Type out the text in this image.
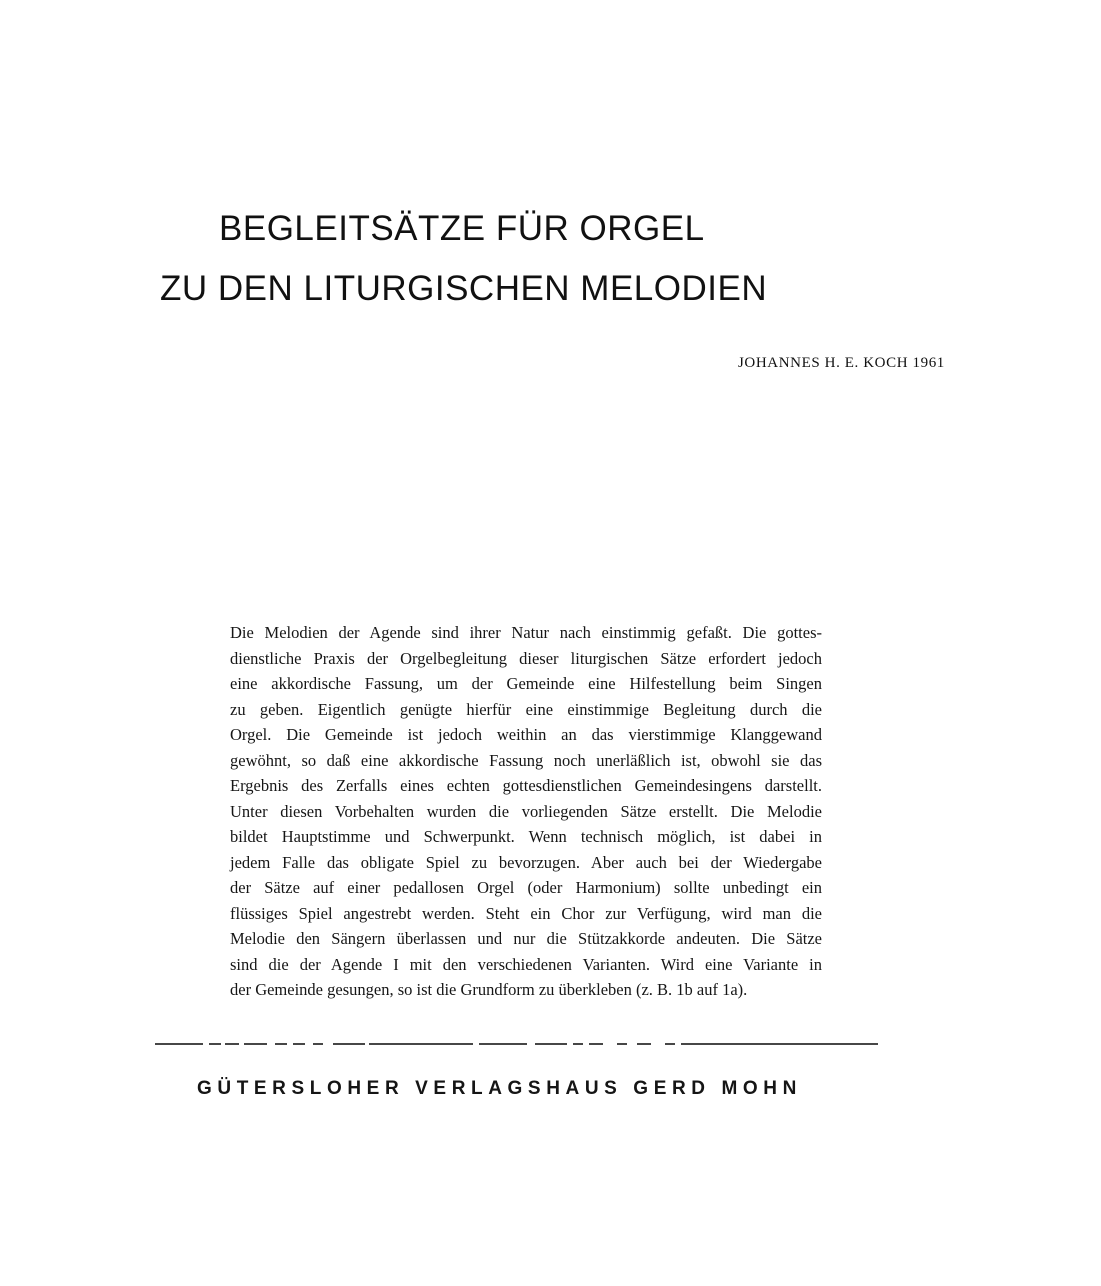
BEGLEITSÄTZE FÜR ORGEL
ZU DEN LITURGISCHEN MELODIEN
JOHANNES H. E. KOCH 1961
Die Melodien der Agende sind ihrer Natur nach einstimmig gefaßt. Die gottes-
dienstliche Praxis der Orgelbegleitung dieser liturgischen Sätze erfordert jedoch
eine akkordische Fassung, um der Gemeinde eine Hilfestellung beim Singen
zu geben. Eigentlich genügte hierfür eine einstimmige Begleitung durch die
Orgel. Die Gemeinde ist jedoch weithin an das vierstimmige Klanggewand
gewöhnt, so daß eine akkordische Fassung noch unerläßlich ist, obwohl sie das
Ergebnis des Zerfalls eines echten gottesdienstlichen Gemeindesingens darstellt.
Unter diesen Vorbehalten wurden die vorliegenden Sätze erstellt. Die Melodie
bildet Hauptstimme und Schwerpunkt. Wenn technisch möglich, ist dabei in
jedem Falle das obligate Spiel zu bevorzugen. Aber auch bei der Wiedergabe
der Sätze auf einer pedallosen Orgel (oder Harmonium) sollte unbedingt ein
flüssiges Spiel angestrebt werden. Steht ein Chor zur Verfügung, wird man die
Melodie den Sängern überlassen und nur die Stützakkorde andeuten. Die Sätze
sind die der Agende I mit den verschiedenen Varianten. Wird eine Variante in
der Gemeinde gesungen, so ist die Grundform zu überkleben (z. B. 1b auf 1a).
GÜTERSLOHER VERLAGSHAUS GERD MOHN
